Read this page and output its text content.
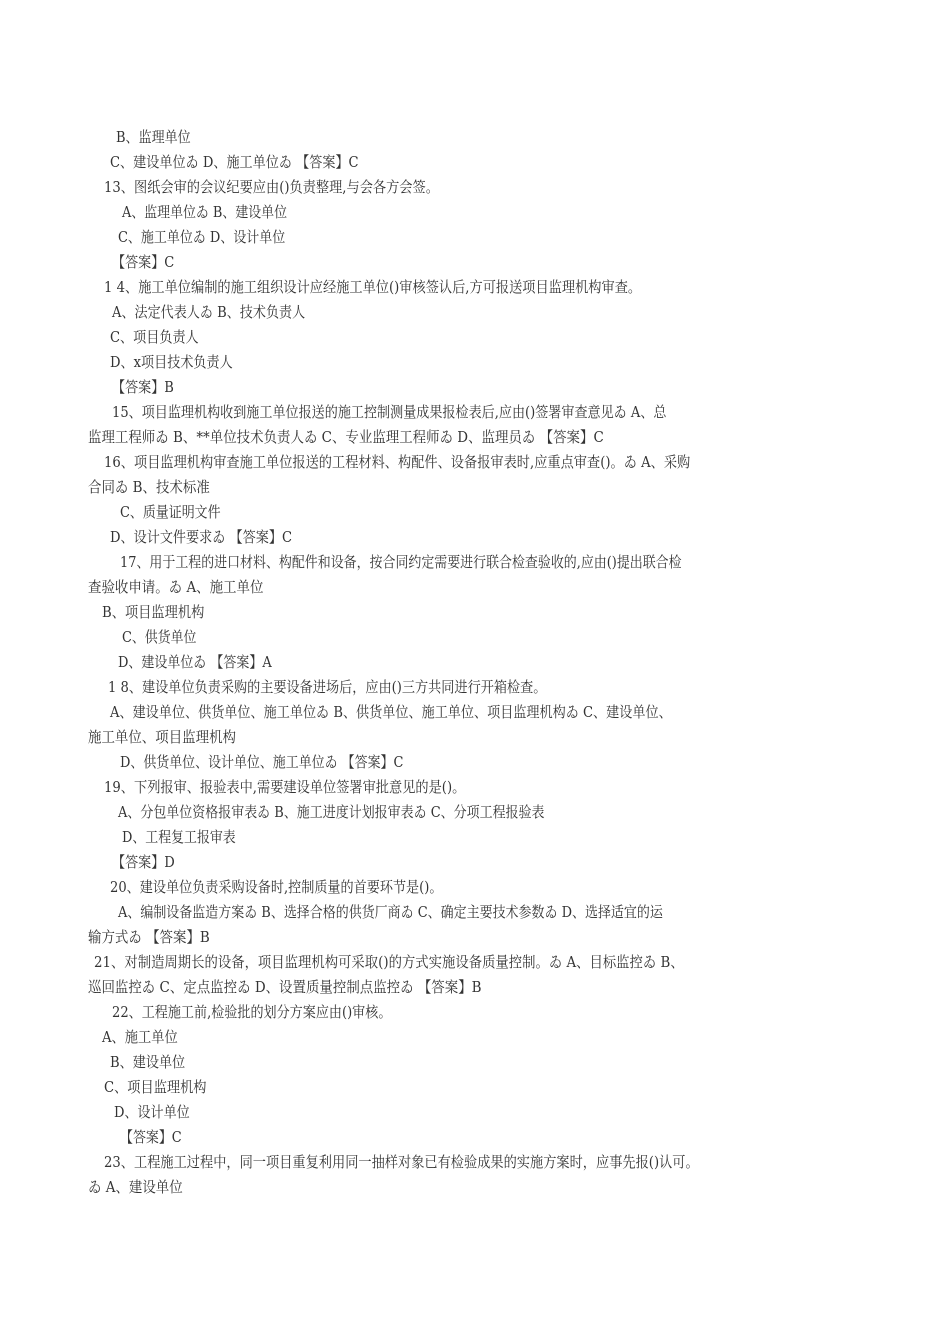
B、监理单位
C、建设单位ゐ D、施工单位ゐ 【答案】C
13、图纸会审的会议纪要应由()负责整理,与会各方会签。
A、监理单位ゐ B、建设单位
C、施工单位ゐ D、设计单位
【答案】C
1 4、施工单位编制的施工组织设计应经施工单位()审核签认后,方可报送项目监理机构审查。
A、法定代表人ゐ B、技术负责人
C、项目负责人
D、x项目技术负责人
【答案】B
15、项目监理机构收到施工单位报送的施工控制测量成果报检表后,应由()签署审查意见ゐ A、总
监理工程师ゐ B、**单位技术负责人ゐ C、专业监理工程师ゐ D、监理员ゐ 【答案】C
16、项目监理机构审查施工单位报送的工程材料、构配件、设备报审表时,应重点审查()。ゐ A、采购
合同ゐ B、技术标准
C、质量证明文件
D、设计文件要求ゐ 【答案】C
17、用于工程的进口材料、构配件和设备，按合同约定需要进行联合检查验收的,应由()提出联合检
查验收申请。ゐ A、施工单位
B、项目监理机构
C、供货单位
D、建设单位ゐ 【答案】A
1 8、建设单位负责采购的主要设备进场后，应由()三方共同进行开箱检查。
A、建设单位、供货单位、施工单位ゐ B、供货单位、施工单位、项目监理机构ゐ C、建设单位、
施工单位、项目监理机构
D、供货单位、设计单位、施工单位ゐ 【答案】C
19、下列报审、报验表中,需要建设单位签署审批意见的是()。
A、分包单位资格报审表ゐ B、施工进度计划报审表ゐ C、分项工程报验表
D、工程复工报审表
【答案】D
20、建设单位负责采购设备时,控制质量的首要环节是()。
A、编制设备监造方案ゐ B、选择合格的供货厂商ゐ C、确定主要技术参数ゐ D、选择适宜的运
输方式ゐ 【答案】B
21、对制造周期长的设备，项目监理机构可采取()的方式实施设备质量控制。ゐ A、目标监控ゐ B、
巡回监控ゐ C、定点监控ゐ D、设置质量控制点监控ゐ 【答案】B
22、工程施工前,检验批的划分方案应由()审核。
A、施工单位
B、建设单位
C、项目监理机构
D、设计单位
【答案】C
23、工程施工过程中，同一项目重复利用同一抽样对象已有检验成果的实施方案时，应事先报()认可。
ゐ A、建设单位
